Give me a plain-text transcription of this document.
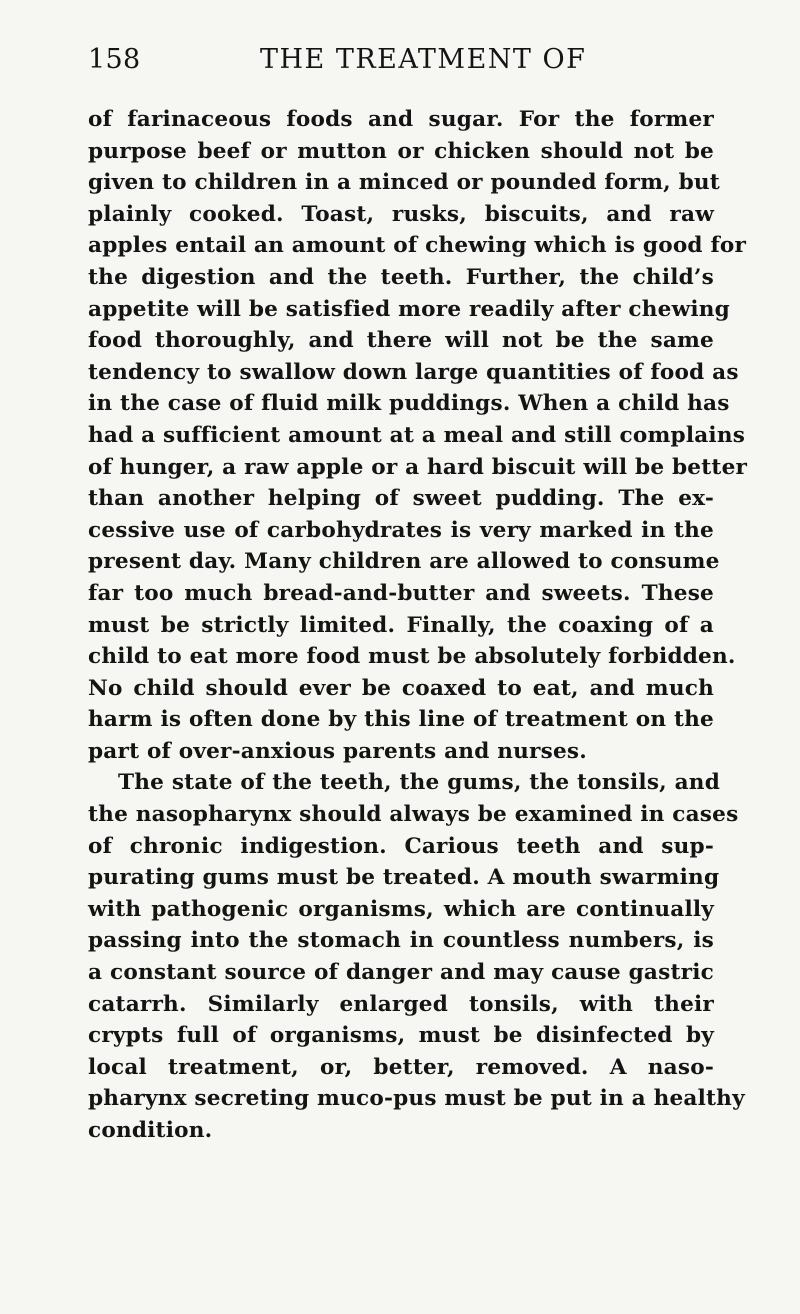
158	THE TREATMENT OF
of farinaceous foods and sugar. For the former
purpose beef or mutton or chicken should not be
given to children in a minced or pounded form, but
plainly cooked. Toast, rusks, biscuits, and raw
apples entail an amount of chewing which is good for
the digestion and the teeth. Further, the child’s
appetite will be satisfied more readily after chewing
food thoroughly, and there will not be the same
tendency to swallow down large quantities of food as
in the case of fluid milk puddings. When a child has
had a sufficient amount at a meal and still complains
of hunger, a raw apple or a hard biscuit will be better
than another helping of sweet pudding. The ex-
cessive use of carbohydrates is very marked in the
present day. Many children are allowed to consume
far too much bread-and-butter and sweets. These
must be strictly limited. Finally, the coaxing of a
child to eat more food must be absolutely forbidden.
No child should ever be coaxed to eat, and much
harm is often done by this line of treatment on the
part of over-anxious parents and nurses.
The state of the teeth, the gums, the tonsils, and
the nasopharynx should always be examined in cases
of chronic indigestion. Carious teeth and sup-
purating gums must be treated. A mouth swarming
with pathogenic organisms, which are continually
passing into the stomach in countless numbers, is
a constant source of danger and may cause gastric
catarrh. Similarly enlarged tonsils, with their
crypts full of organisms, must be disinfected by
local treatment, or, better, removed. A naso-
pharynx secreting muco-pus must be put in a healthy
condition.
